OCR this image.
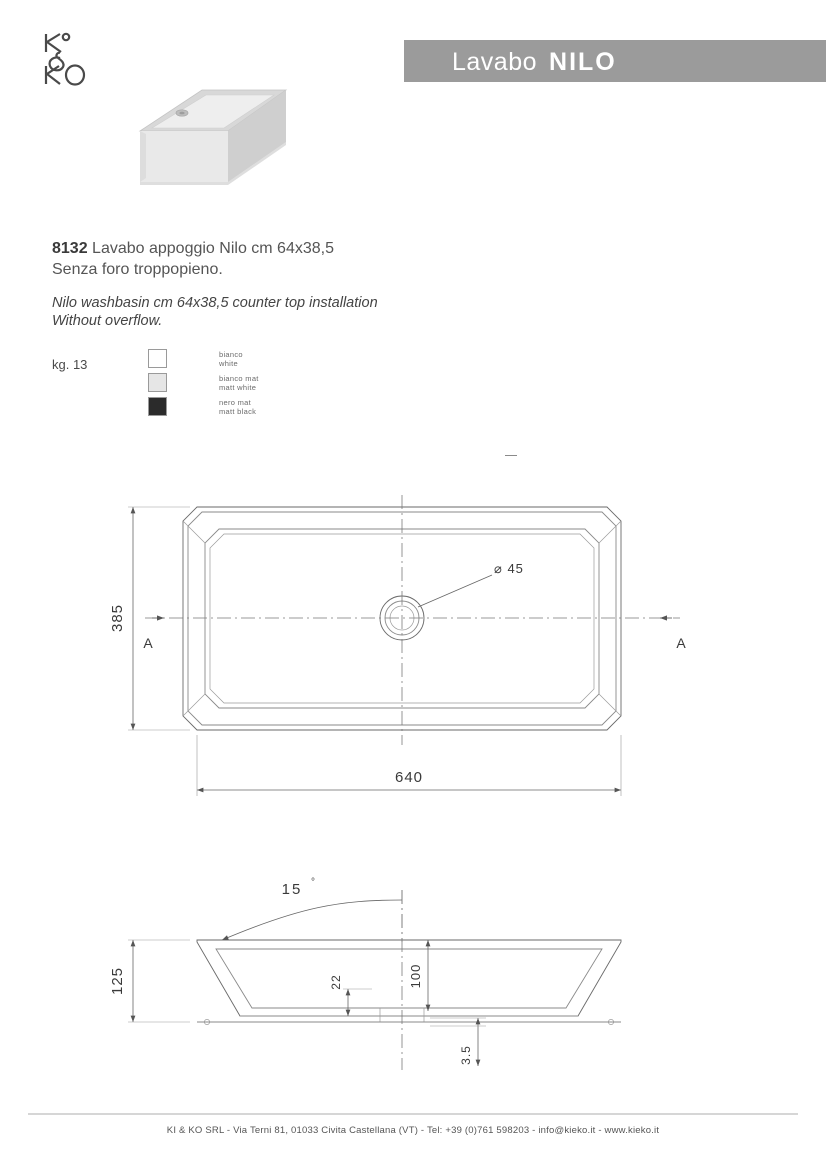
Lavabo NILO
8132 Lavabo appoggio Nilo cm 64x38,5
Senza foro troppopieno.
Nilo washbasin cm 64x38,5 counter top installation
Without overflow.
kg. 13
bianco
white
bianco mat
matt white
nero mat
matt black
385
640
⌀ 45
A	A
15 °
125	100
22
3.5
KI & KO SRL - Via Terni 81, 01033 Civita Castellana (VT) - Tel: +39 (0)761 598203 - info@kieko.it - www.kieko.it
